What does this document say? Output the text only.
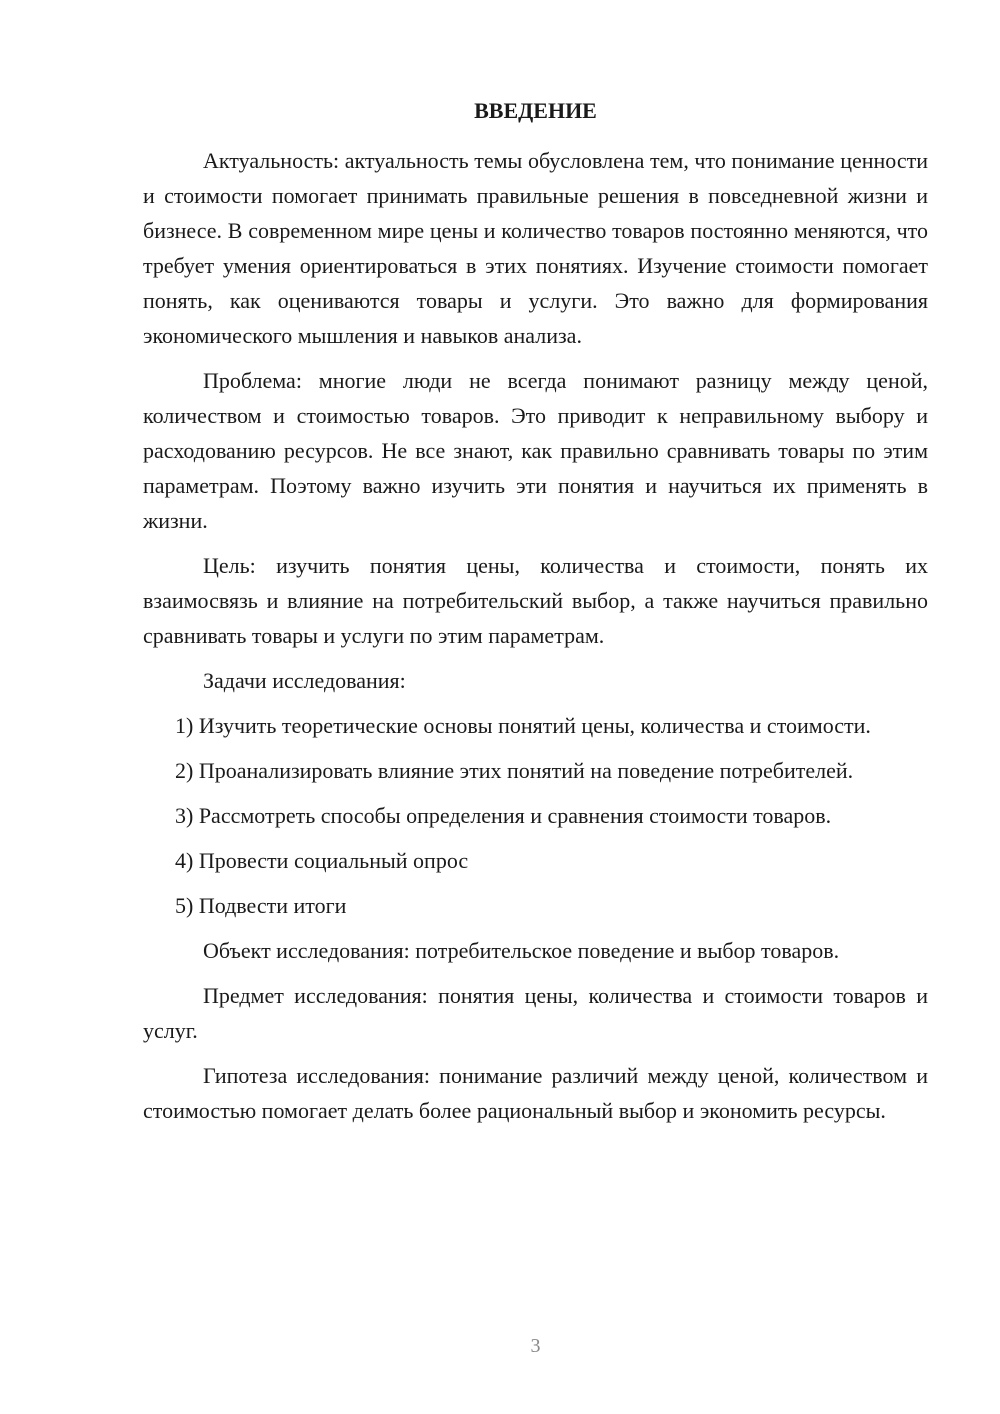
ВВЕДЕНИЕ

Актуальность: актуальность темы обусловлена тем, что понимание ценности и стоимости помогает принимать правильные решения в повседневной жизни и бизнесе. В современном мире цены и количество товаров постоянно меняются, что требует умения ориентироваться в этих понятиях. Изучение стоимости помогает понять, как оцениваются товары и услуги. Это важно для формирования экономического мышления и навыков анализа.

Проблема: многие люди не всегда понимают разницу между ценой, количеством и стоимостью товаров. Это приводит к неправильному выбору и расходованию ресурсов. Не все знают, как правильно сравнивать товары по этим параметрам. Поэтому важно изучить эти понятия и научиться их применять в жизни.

Цель: изучить понятия цены, количества и стоимости, понять их взаимосвязь и влияние на потребительский выбор, а также научиться правильно сравнивать товары и услуги по этим параметрам.

Задачи исследования:

1) Изучить теоретические основы понятий цены, количества и стоимости.

2) Проанализировать влияние этих понятий на поведение потребителей.

3) Рассмотреть способы определения и сравнения стоимости товаров.

4) Провести социальный опрос

5) Подвести итоги

Объект исследования: потребительское поведение и выбор товаров.

Предмет исследования: понятия цены, количества и стоимости товаров и услуг.

Гипотеза исследования: понимание различий между ценой, количеством и стоимостью помогает делать более рациональный выбор и экономить ресурсы.

3
